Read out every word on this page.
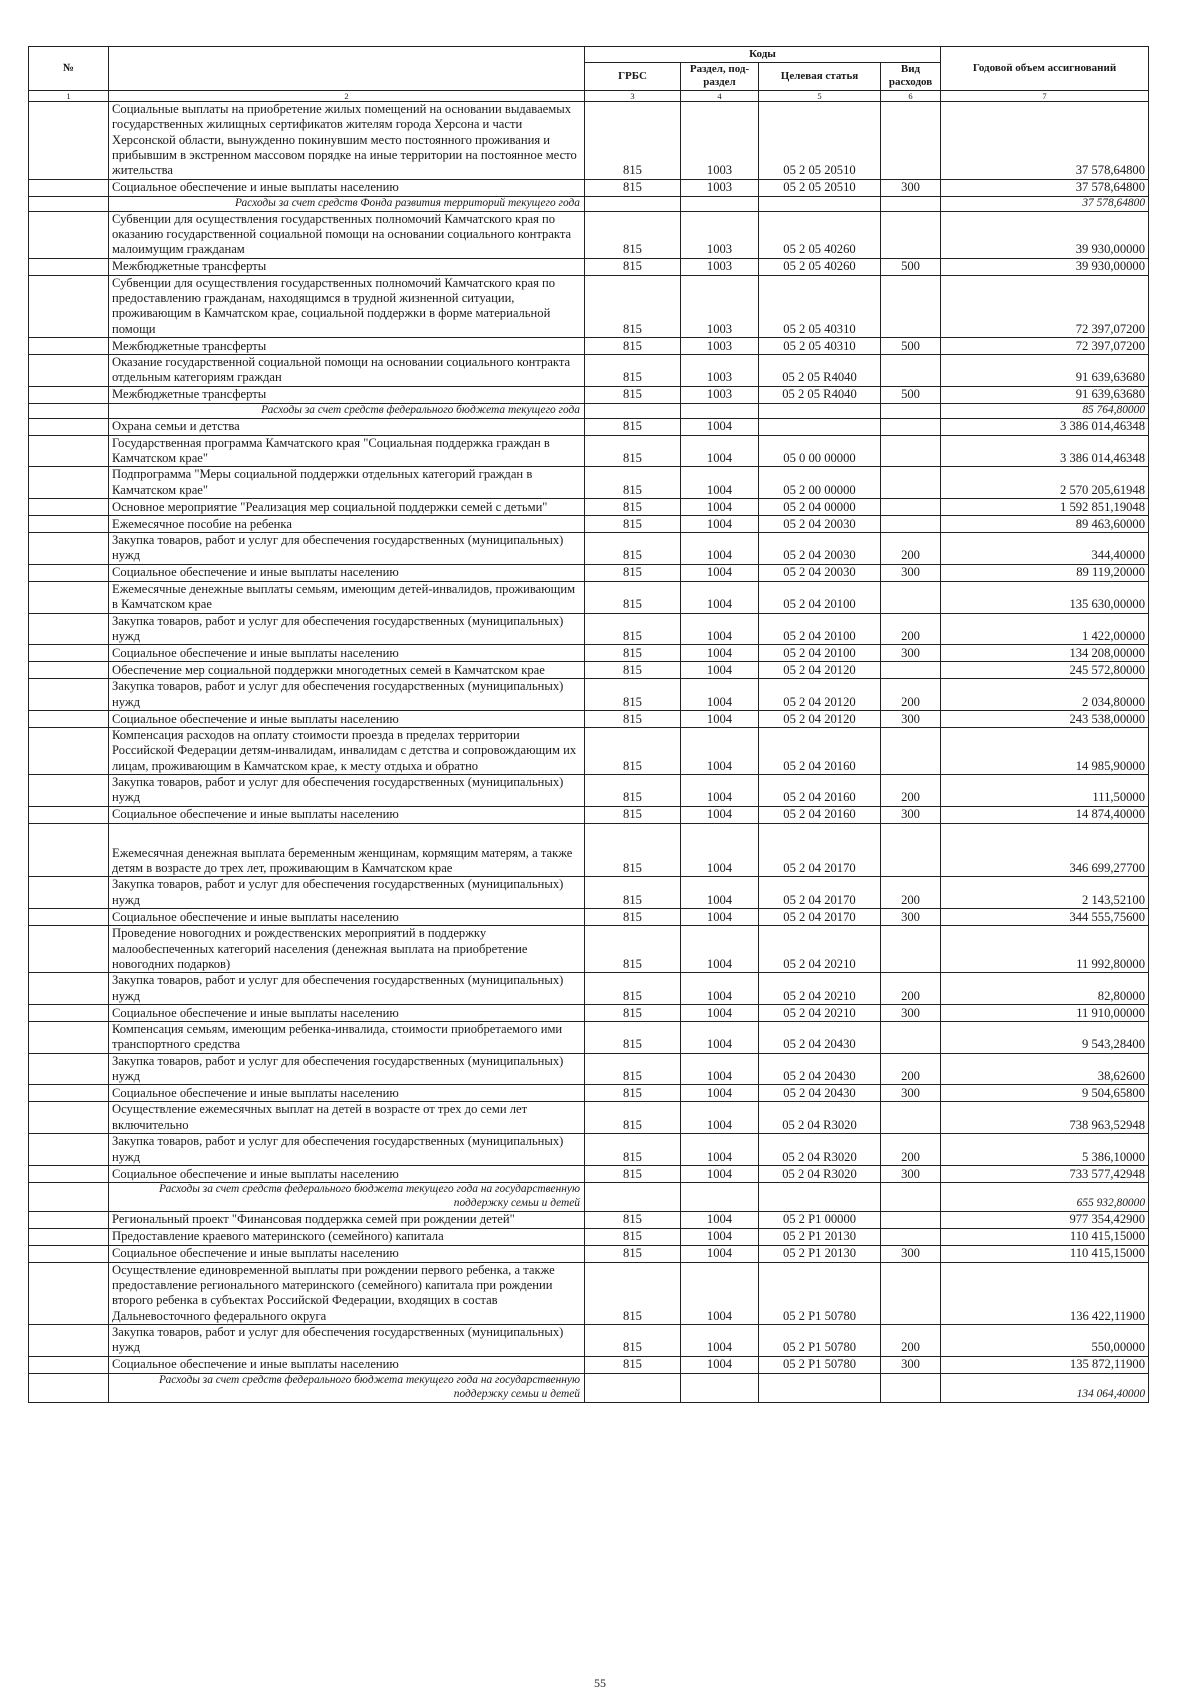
№		Коды				Годовой объем ассигнований
		ГРБС	Раздел, под-раздел	Целевая статья	Вид расходов	
1	2	3	4	5	6	7
	Социальные выплаты на приобретение жилых помещений на основании выдаваемых государственных жилищных сертификатов жителям города Херсона и части Херсонской области, вынужденно покинувшим место постоянного проживания и прибывшим в экстренном массовом порядке на иные территории на постоянное место жительства	815	1003	05 2 05 20510		37 578,64800
	Социальное обеспечение и иные выплаты населению	815	1003	05 2 05 20510	300	37 578,64800
	Расходы за счет средств Фонда развития территорий текущего года					37 578,64800
	Субвенции для осуществления государственных полномочий Камчатского края по оказанию государственной социальной помощи на основании социального контракта малоимущим гражданам	815	1003	05 2 05 40260		39 930,00000
	Межбюджетные трансферты	815	1003	05 2 05 40260	500	39 930,00000
	Субвенции для осуществления государственных полномочий Камчатского края по предоставлению гражданам, находящимся в трудной жизненной ситуации, проживающим в Камчатском крае, социальной поддержки в форме материальной помощи	815	1003	05 2 05 40310		72 397,07200
	Межбюджетные трансферты	815	1003	05 2 05 40310	500	72 397,07200
	Оказание государственной социальной помощи на основании социального контракта отдельным категориям граждан	815	1003	05 2 05 R4040		91 639,63680
	Межбюджетные трансферты	815	1003	05 2 05 R4040	500	91 639,63680
	Расходы за счет средств федерального бюджета текущего года					85 764,80000
	Охрана семьи и детства	815	1004			3 386 014,46348
	Государственная программа Камчатского края "Социальная поддержка граждан в Камчатском крае"	815	1004	05 0 00 00000		3 386 014,46348
	Подпрограмма "Меры социальной поддержки отдельных категорий граждан в Камчатском крае"	815	1004	05 2 00 00000		2 570 205,61948
	Основное мероприятие "Реализация мер социальной поддержки семей с детьми"	815	1004	05 2 04 00000		1 592 851,19048
	Ежемесячное пособие на ребенка	815	1004	05 2 04 20030		89 463,60000
	Закупка товаров, работ и услуг для обеспечения государственных (муниципальных) нужд	815	1004	05 2 04 20030	200	344,40000
	Социальное обеспечение и иные выплаты населению	815	1004	05 2 04 20030	300	89 119,20000
	Ежемесячные денежные выплаты семьям, имеющим детей-инвалидов, проживающим в Камчатском крае	815	1004	05 2 04 20100		135 630,00000
	Закупка товаров, работ и услуг для обеспечения государственных (муниципальных) нужд	815	1004	05 2 04 20100	200	1 422,00000
	Социальное обеспечение и иные выплаты населению	815	1004	05 2 04 20100	300	134 208,00000
	Обеспечение мер социальной поддержки многодетных семей в Камчатском крае	815	1004	05 2 04 20120		245 572,80000
	Закупка товаров, работ и услуг для обеспечения государственных (муниципальных) нужд	815	1004	05 2 04 20120	200	2 034,80000
	Социальное обеспечение и иные выплаты населению	815	1004	05 2 04 20120	300	243 538,00000
	Компенсация расходов на оплату стоимости проезда в пределах территории Российской Федерации детям-инвалидам, инвалидам с детства и сопровождающим их лицам, проживающим в Камчатском крае, к месту отдыха и обратно	815	1004	05 2 04 20160		14 985,90000
	Закупка товаров, работ и услуг для обеспечения государственных (муниципальных) нужд	815	1004	05 2 04 20160	200	111,50000
	Социальное обеспечение и иные выплаты населению	815	1004	05 2 04 20160	300	14 874,40000
	Ежемесячная денежная выплата беременным женщинам, кормящим матерям, а также детям в возрасте до трех лет, проживающим в Камчатском крае	815	1004	05 2 04 20170		346 699,27700
	Закупка товаров, работ и услуг для обеспечения государственных (муниципальных) нужд	815	1004	05 2 04 20170	200	2 143,52100
	Социальное обеспечение и иные выплаты населению	815	1004	05 2 04 20170	300	344 555,75600
	Проведение новогодних и рождественских мероприятий в поддержку малообеспеченных категорий населения (денежная выплата на приобретение новогодних подарков)	815	1004	05 2 04 20210		11 992,80000
	Закупка товаров, работ и услуг для обеспечения государственных (муниципальных) нужд	815	1004	05 2 04 20210	200	82,80000
	Социальное обеспечение и иные выплаты населению	815	1004	05 2 04 20210	300	11 910,00000
	Компенсация семьям, имеющим ребенка-инвалида, стоимости приобретаемого ими транспортного средства	815	1004	05 2 04 20430		9 543,28400
	Закупка товаров, работ и услуг для обеспечения государственных (муниципальных) нужд	815	1004	05 2 04 20430	200	38,62600
	Социальное обеспечение и иные выплаты населению	815	1004	05 2 04 20430	300	9 504,65800
	Осуществление ежемесячных выплат на детей в возрасте от трех до семи лет включительно	815	1004	05 2 04 R3020		738 963,52948
	Закупка товаров, работ и услуг для обеспечения государственных (муниципальных) нужд	815	1004	05 2 04 R3020	200	5 386,10000
	Социальное обеспечение и иные выплаты населению	815	1004	05 2 04 R3020	300	733 577,42948
	Расходы за счет средств федерального бюджета текущего года на государственную поддержку семьи и детей					655 932,80000
	Региональный проект "Финансовая поддержка семей при рождении детей"	815	1004	05 2 P1 00000		977 354,42900
	Предоставление краевого материнского (семейного) капитала	815	1004	05 2 P1 20130		110 415,15000
	Социальное обеспечение и иные выплаты населению	815	1004	05 2 P1 20130	300	110 415,15000
	Осуществление единовременной выплаты при рождении первого ребенка, а также предоставление регионального материнского (семейного) капитала при рождении второго ребенка в субъектах Российской Федерации, входящих в состав Дальневосточного федерального округа	815	1004	05 2 P1 50780		136 422,11900
	Закупка товаров, работ и услуг для обеспечения государственных (муниципальных) нужд	815	1004	05 2 P1 50780	200	550,00000
	Социальное обеспечение и иные выплаты населению	815	1004	05 2 P1 50780	300	135 872,11900
	Расходы за счет средств федерального бюджета текущего года на государственную поддержку семьи и детей					134 064,40000
55
